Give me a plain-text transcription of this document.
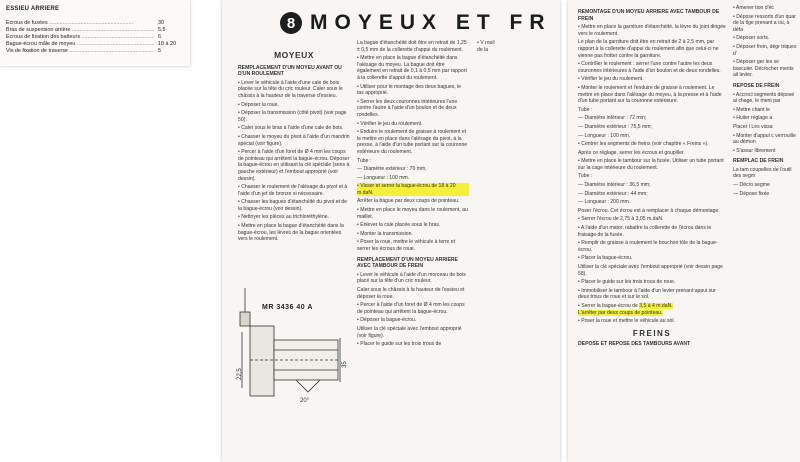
ESSIEU ARRIERE
Ecrous de fusées .....	30
Bras de suspension arrière .....	5,5
Ecrous de fixation des batteurs .....	6
Bague-écrou mâle de moyeu .....	18 à 20
Vis de fixation de traverse .....	5
8 MOYEUX ET FR
MOYEUX
REMPLACEMENT D'UN MOYEU AVANT OU D'UN ROULEMENT

• Lever le véhicule à l'aide d'une cale de bois placée sur la tête du cric rouleur. Caler sous le châssis à la hauteur de la traverse d'essieu.

• Déposer la roue.

• Déposer la transmission (côté pivot) (voir page 50).

• Caler sous le bras à l'aide d'une cale de bois.

• Chasser le moyeu du pivot à l'aide d'un mandrin spécial (voir figure).

• Percer à l'aide d'un foret de Ø 4 mm les coups de pointeau qui arrêtent la bague-écrou. Déposer la bague-écrou en utilisant la clé spéciale (sens à gauche extérieur) et l'embout approprié (voir dessin).

• Chasser le roulement de l'alésage du pivot et à l'aide d'un jet de bronze si nécessaire.

• Chasser les bagues d'étanchéité du pivot et de la bague-écrou (voir dessin).

• Nettoyer les pièces au trichloréthylène.

• Mettre en place la bague d'étanchéité dans la bague-écrou, les lèvres de la bague orientées vers le roulement.

MR 3436 40 A
22,5
35
20°

La bague d'étanchéité doit être en retrait de 1,25 ± 0,5 mm de la collerette d'appui du roulement.

• Mettre en place la bague d'étanchéité dans l'alésage du moyeu. La bague doit être également en retrait de 0,1 à 0,5 mm par rapport à la collerette d'appui du roulement.

• Utiliser pour le montage des deux bagues, le tas approprié.

• Serrer les deux couronnes intérieures l'une contre l'autre à l'aide d'un boulon et de deux rondelles.

• Vérifier le jeu du roulement.

• Enduire le roulement de graisse à roulement et le mettre en place dans l'alésage du pivot, à la presse, à l'aide d'un tube portant sur la couronne extérieure du roulement.

Tube :

— Diamètre extérieur : 70 mm,

— Longueur : 100 mm.

• Visser et serrer la bague-écrou de 18 à 20 m.daN.

Arrêter la bague par deux coups de pointeau.

• Mettre en place le moyeu dans le roulement, au maillet.

• Enlever la cale placée sous le bras.

• Monter la transmission.

• Poser la roue, mettre le véhicule à terre et serrer les écrous de roue.

REMPLACEMENT D'UN MOYEU ARRIERE AVEC TAMBOUR DE FREIN

• Lever le véhicule à l'aide d'un morceau de bois placé sur la tête d'un cric rouleur.

Caler sous le châssis à la hauteur de l'essieu et déposer la roue.

• Percer à l'aide d'un foret de Ø 4 mm les coups de pointeau qui arrêtent la bague-écrou.

• Déposer la bague-écrou.

Utiliser la clé spéciale avec l'embout approprié (voir figure).

• Placer le guide sur les trois trous de

• V rouil de la

REMONTAGE D'UN MOYEU ARRIERE AVEC TAMBOUR DE FREIN

• Mettre en place la garniture d'étanchéité, la lèvre du joint dirigée vers le roulement.

Le plan de la garniture doit être en retrait de 2 à 2,5 mm, par rapport à la collerette d'appui du roulement afin que celui-ci ne vienne pas frotter contre la garniture.

• Contrôler le roulement : serrer l'une contre l'autre les deux couronnes intérieures à l'aide d'un boulon et de deux rondelles.

• Vérifier le jeu du roulement.

• Monter le roulement et l'enduire de graisse à roulement. Le mettre en place dans l'alésage du moyeu, à la presse et à l'aide d'un tube portant sur la couronne extérieure.

Tube :

— Diamètre intérieur : 72 mm;

— Diamètre extérieur : 75,5 mm;

— Longueur : 100 mm.

• Centrer les segments de freins (voir chapitre « Freins »).

Après ce réglage, serrer les écrous et goupiller.

• Mettre en place le tambour sur la fusée. Utiliser un tube portant sur la cage intérieure du roulement.

Tube :

— Diamètre intérieur : 36,5 mm;

— Diamètre extérieur : 44 mm;

— Longueur : 200 mm.

Poser l'écrou. Cet écrou est à remplacer à chaque démontage.

• Serrer l'écrou de 2,75 à 3,05 m.daN.

• A l'aide d'un mator, rabattre la collerette de l'écrou dans le fraisage de la fusée.

• Remplir de graisse à roulement le bouchon tôle de la bague-écrou.

• Placer la bague-écrou.

Utiliser la clé spéciale avec l'embout approprié (voir dessin page 58).

• Placer le guide sur les trois trous de roue.

• Immobiliser le tambour à l'aide d'un levier prenant appui sur deux trous de roue et sur le sol.

• Serrer la bague-écrou de 3,5 à 4 m.daN.
L'arrêter par deux coups de pointeau.

• Poser la roue et mettre le véhicule au sol.

FREINS
DEPOSE ET REPOSE DES TAMBOURS AVANT

• Amener tion d'éc

• Dépose ressorts d'un quar de la tige prenant a ou, à défa

• Déposer sorts.

• Déposer frein, dégr triques d'

• Déposer ger les se basculer. Décrocher ments ail levier.

REPOSE DE FREIN

• Accrocl segments déposé al chage, le ment par

• Mettre chant le

• Huiler réglage a

Placer l Les vissa

• Monter d'appui c verrouille au démon

• S'assur librement

REMPLAC DE FREIN

La tam coupelles de l'outil des segm

— Décro segme

— Dépose fixée
